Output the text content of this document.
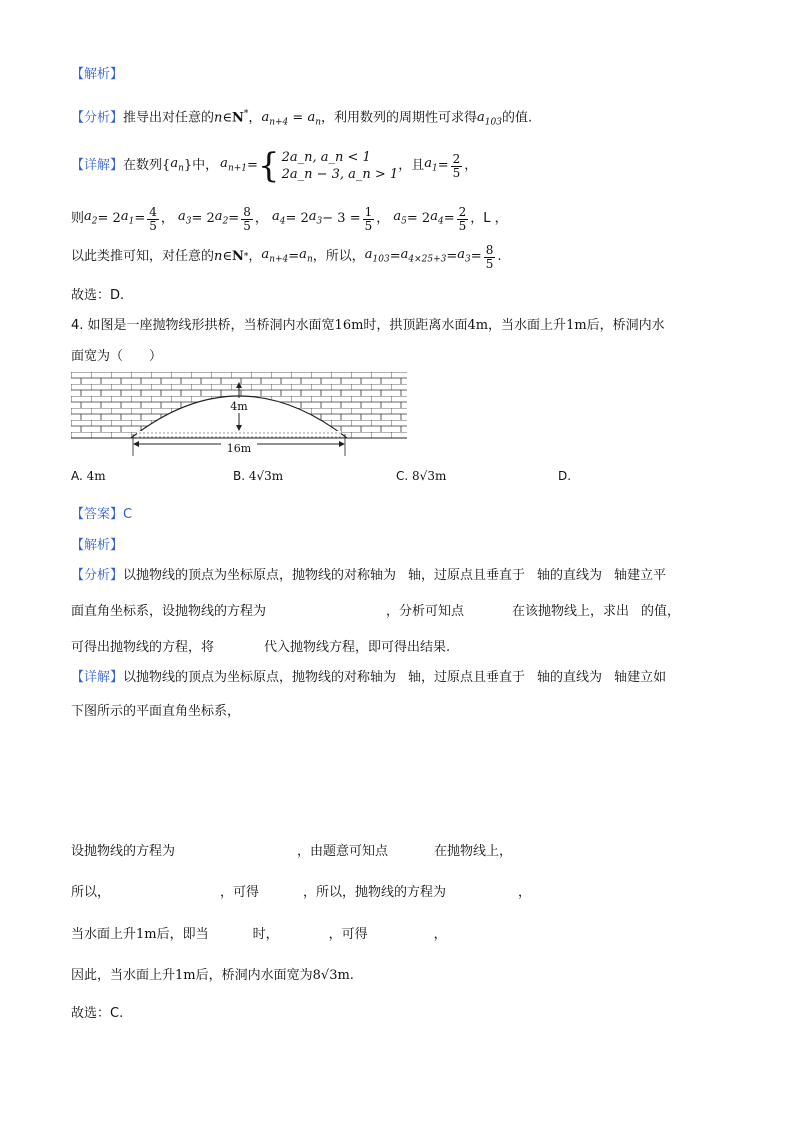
【解析】
【分析】推导出对任意的n∈N*，$a_{n+4} = a_n$，利用数列的周期性可求得$a_{103}$的值.
【详解】 在数列 { $a_n$ } 中， $a_{n+1}$ = { 2a_n, a_n < 1
2a_n − 3, a_n > 1
，且 $a_1 = \frac{2}{5}$ ，
则 $a_2 = 2$ $a_1 = \frac{4}{5}$ ， $a_3 = 2$ $a_2 = \frac{8}{5}$ ， $a_4 = 2$ $a_3 - 3 = \frac{1}{5}$ ， $a_5 = 2$ $a_4 = \frac{2}{5}$ ，L ，
以此类推可知，对任意的 n ∈ N * ， $a_{n+4} = a_n$ ，所以， $a_{103} = a_{4\times 25+3} = a_3 = \frac{8}{5}$ .
故选：D.
4. 如图是一座抛物线形拱桥，当桥洞内水面宽16m时，拱顶距离水面4m，当水面上升1m后，桥洞内水
面宽为（　　）
4m
16m
A. 4m	B. 4√3m	C. 8√3m	D.
【答案】C
【解析】
【分析】以抛物线的顶点为坐标原点，抛物线的对称轴为 轴，过原点且垂直于 轴的直线为 轴建立平
面直角坐标系，设抛物线的方程为	，分析可知点	在该抛物线上，求出 的值，
可得出抛物线的方程，将	代入抛物线方程，即可得出结果.
【详解】以抛物线的顶点为坐标原点，抛物线的对称轴为 轴，过原点且垂直于 轴的直线为 轴建立如
下图所示的平面直角坐标系，
设抛物线的方程为	，由题意可知点	在抛物线上，
所以，	，可得	，所以，抛物线的方程为	，
当水面上升1m后，即当	时，	，可得	，
因此，当水面上升1m后，桥洞内水面宽为8√3m.
故选：C.
